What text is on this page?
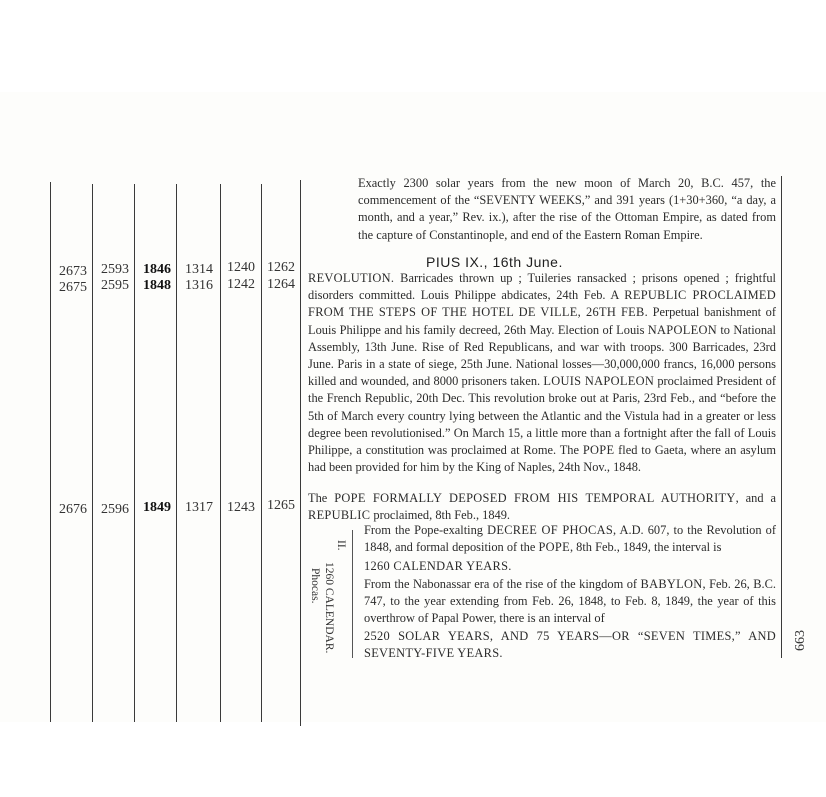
2673	2593	1846	1314	1240 1262
2675	2595	1848	1316	1242 1264
2676	2596	1849	1317	1243 1265
Exactly 2300 solar years from the new moon of March 20, B.C. 457, the commencement of the “SEVENTY WEEKS,” and 391 years (1+30+360, “a day, a month, and a year,” Rev. ix.), after the rise of the Ottoman Empire, as dated from the capture of Constantinople, and end of the Eastern Roman Empire.
PIUS IX., 16th June.
REVOLUTION. Barricades thrown up ; Tuileries ransacked ; prisons opened ; frightful disorders committed. Louis Philippe abdicates, 24th Feb. A REPUBLIC PROCLAIMED FROM THE STEPS OF THE HOTEL DE VILLE, 26TH FEB. Perpetual banishment of Louis Philippe and his family decreed, 26th May. Election of Louis NAPOLEON to National Assembly, 13th June. Rise of Red Republicans, and war with troops. 300 Barricades, 23rd June. Paris in a state of siege, 25th June. National losses—30,000,000 francs, 16,000 persons killed and wounded, and 8000 prisoners taken. LOUIS NAPOLEON proclaimed President of the French Republic, 20th Dec. This revolution broke out at Paris, 23rd Feb., and “before the 5th of March every country lying between the Atlantic and the Vistula had in a greater or less degree been revolutionised.” On March 15, a little more than a fortnight after the fall of Louis Philippe, a constitution was proclaimed at Rome. The POPE fled to Gaeta, where an asylum had been provided for him by the King of Naples, 24th Nov., 1848.
The POPE FORMALLY DEPOSED FROM HIS TEMPORAL AUTHORITY, and a REPUBLIC proclaimed, 8th Feb., 1849.
II.
1260 CALENDAR.
Phocas.
From the Pope-exalting DECREE OF PHOCAS, A.D. 607, to the Revolution of 1848, and formal deposition of the POPE, 8th Feb., 1849, the interval is
1260 CALENDAR YEARS.
From the Nabonassar era of the rise of the kingdom of BABYLON, Feb. 26, B.C. 747, to the year extending from Feb. 26, 1848, to Feb. 8, 1849, the year of this overthrow of Papal Power, there is an interval of
2520 SOLAR YEARS, AND 75 YEARS—OR “SEVEN TIMES,” AND SEVENTY-FIVE YEARS.
663
